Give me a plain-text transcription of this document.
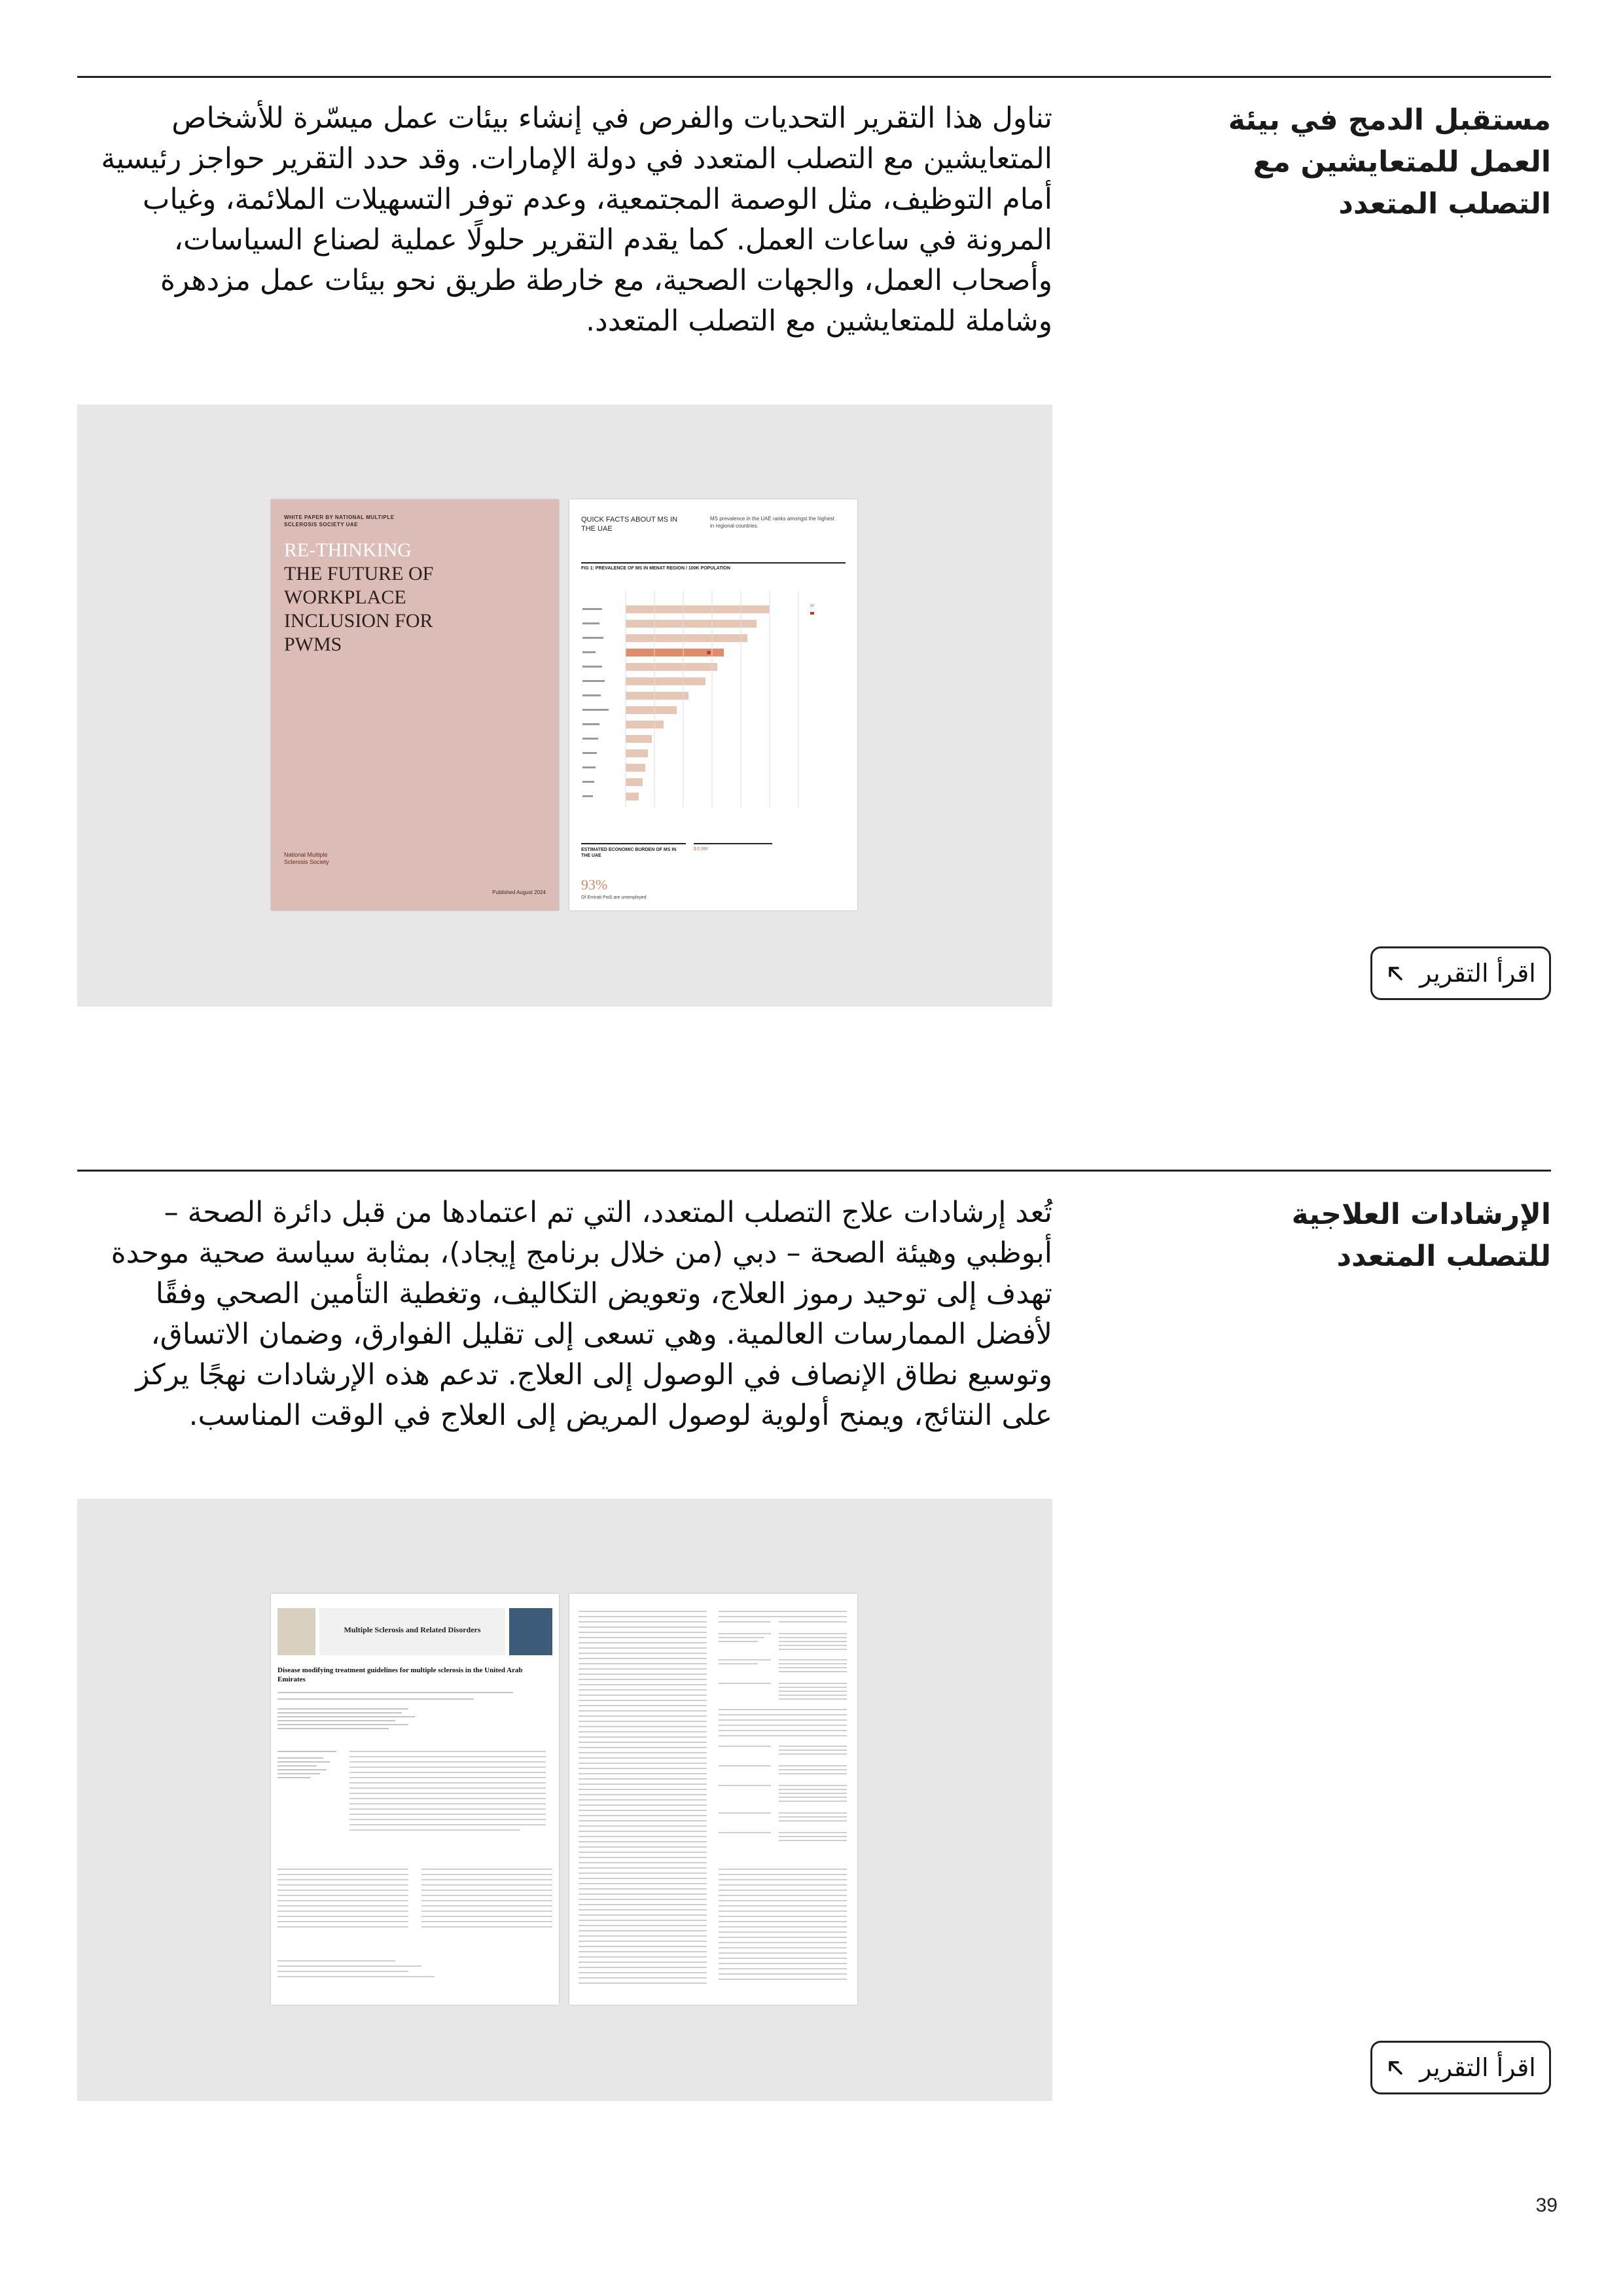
مستقبل الدمج في بيئة العمل للمتعايشين مع التصلب المتعدد
تناول هذا التقرير التحديات والفرص في إنشاء بيئات عمل ميسّرة للأشخاص المتعايشين مع التصلب المتعدد في دولة الإمارات. وقد حدد التقرير حواجز رئيسية أمام التوظيف، مثل الوصمة المجتمعية، وعدم توفر التسهيلات الملائمة، وغياب المرونة في ساعات العمل. كما يقدم التقرير حلولًا عملية لصناع السياسات، وأصحاب العمل، والجهات الصحية، مع خارطة طريق نحو بيئات عمل مزدهرة وشاملة للمتعايشين مع التصلب المتعدد.
WHITE PAPER BY NATIONAL MULTIPLE SCLEROSIS SOCIETY UAE
RE-THINKING
THE FUTURE OF WORKPLACE INCLUSION FOR PWMS
National Multiple Sclerosis Society
Published August 2024
QUICK FACTS ABOUT MS IN THE UAE
MS prevalence in the UAE ranks amongst the highest in regional countries.
FIG 1: PREVALENCE OF MS IN MENAT REGION / 100K POPULATION
ESTIMATED ECONOMIC BURDEN OF MS IN THE UAE
$ 0.9M
93%
Of Emirati PwS are unemployed
اقرأ التقرير
الإرشادات العلاجية للتصلب المتعدد
تُعد إرشادات علاج التصلب المتعدد، التي تم اعتمادها من قبل دائرة الصحة – أبوظبي وهيئة الصحة – دبي (من خلال برنامج إيجاد)، بمثابة سياسة صحية موحدة تهدف إلى توحيد رموز العلاج، وتعويض التكاليف، وتغطية التأمين الصحي وفقًا لأفضل الممارسات العالمية. وهي تسعى إلى تقليل الفوارق، وضمان الاتساق، وتوسيع نطاق الإنصاف في الوصول إلى العلاج. تدعم هذه الإرشادات نهجًا يركز على النتائج، ويمنح أولوية لوصول المريض إلى العلاج في الوقت المناسب.
Multiple Sclerosis and Related Disorders
Disease modifying treatment guidelines for multiple sclerosis in the United Arab Emirates
اقرأ التقرير
39
